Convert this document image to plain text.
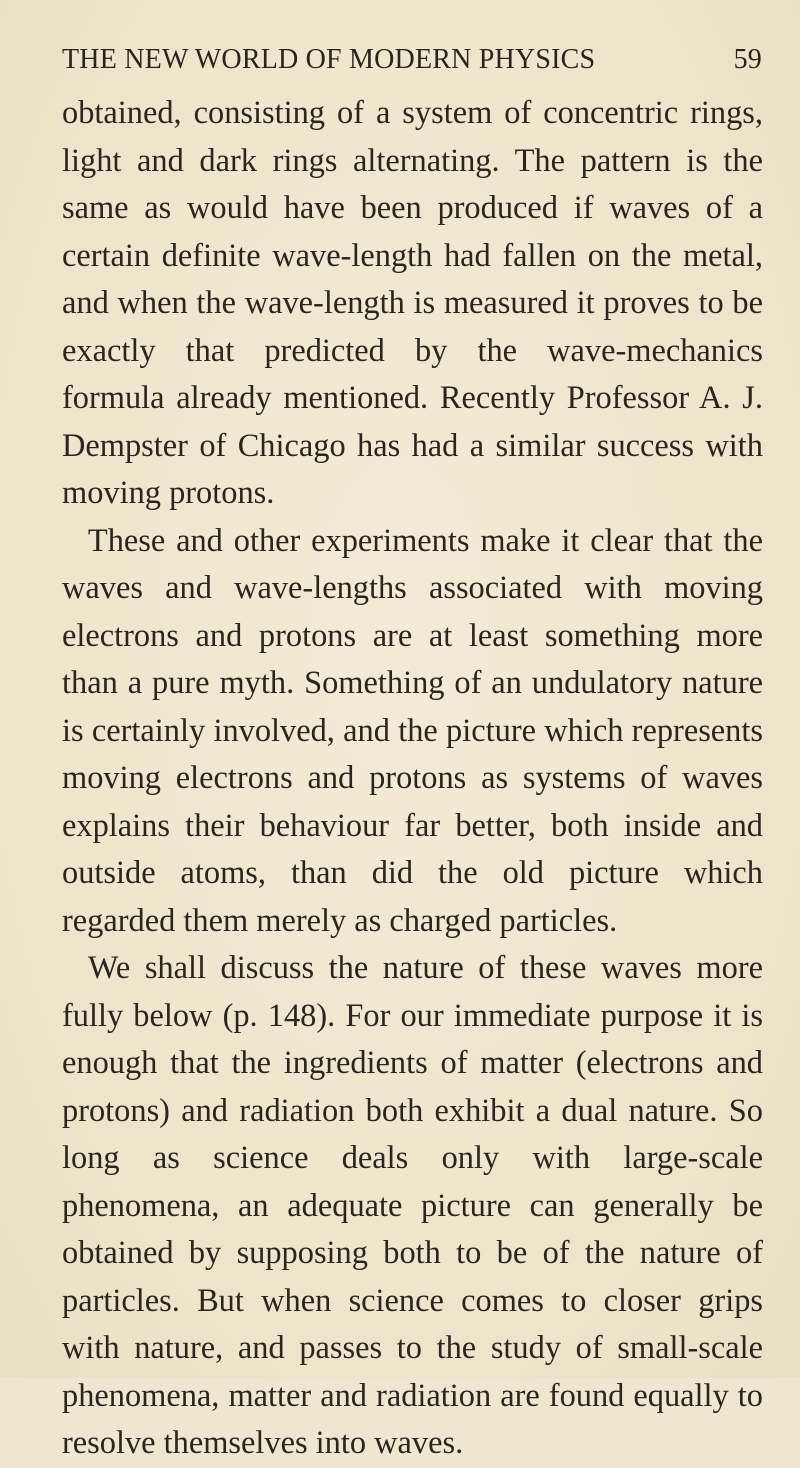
THE NEW WORLD OF MODERN PHYSICS	59

obtained, consisting of a system of concentric rings, light and dark rings alternating. The pattern is the same as would have been produced if waves of a certain definite wave-length had fallen on the metal, and when the wave-length is measured it proves to be exactly that predicted by the wave-mechanics formula already mentioned. Recently Professor A. J. Dempster of Chicago has had a similar success with moving protons.

These and other experiments make it clear that the waves and wave-lengths associated with moving electrons and protons are at least something more than a pure myth. Something of an undulatory nature is certainly involved, and the picture which represents moving electrons and protons as systems of waves explains their behaviour far better, both inside and outside atoms, than did the old picture which regarded them merely as charged particles.

We shall discuss the nature of these waves more fully below (p. 148). For our immediate purpose it is enough that the ingredients of matter (electrons and protons) and radiation both exhibit a dual nature. So long as science deals only with large-scale phenomena, an adequate picture can generally be obtained by supposing both to be of the nature of particles. But when science comes to closer grips with nature, and passes to the study of small-scale phenomena, matter and radiation are found equally to resolve themselves into waves.
